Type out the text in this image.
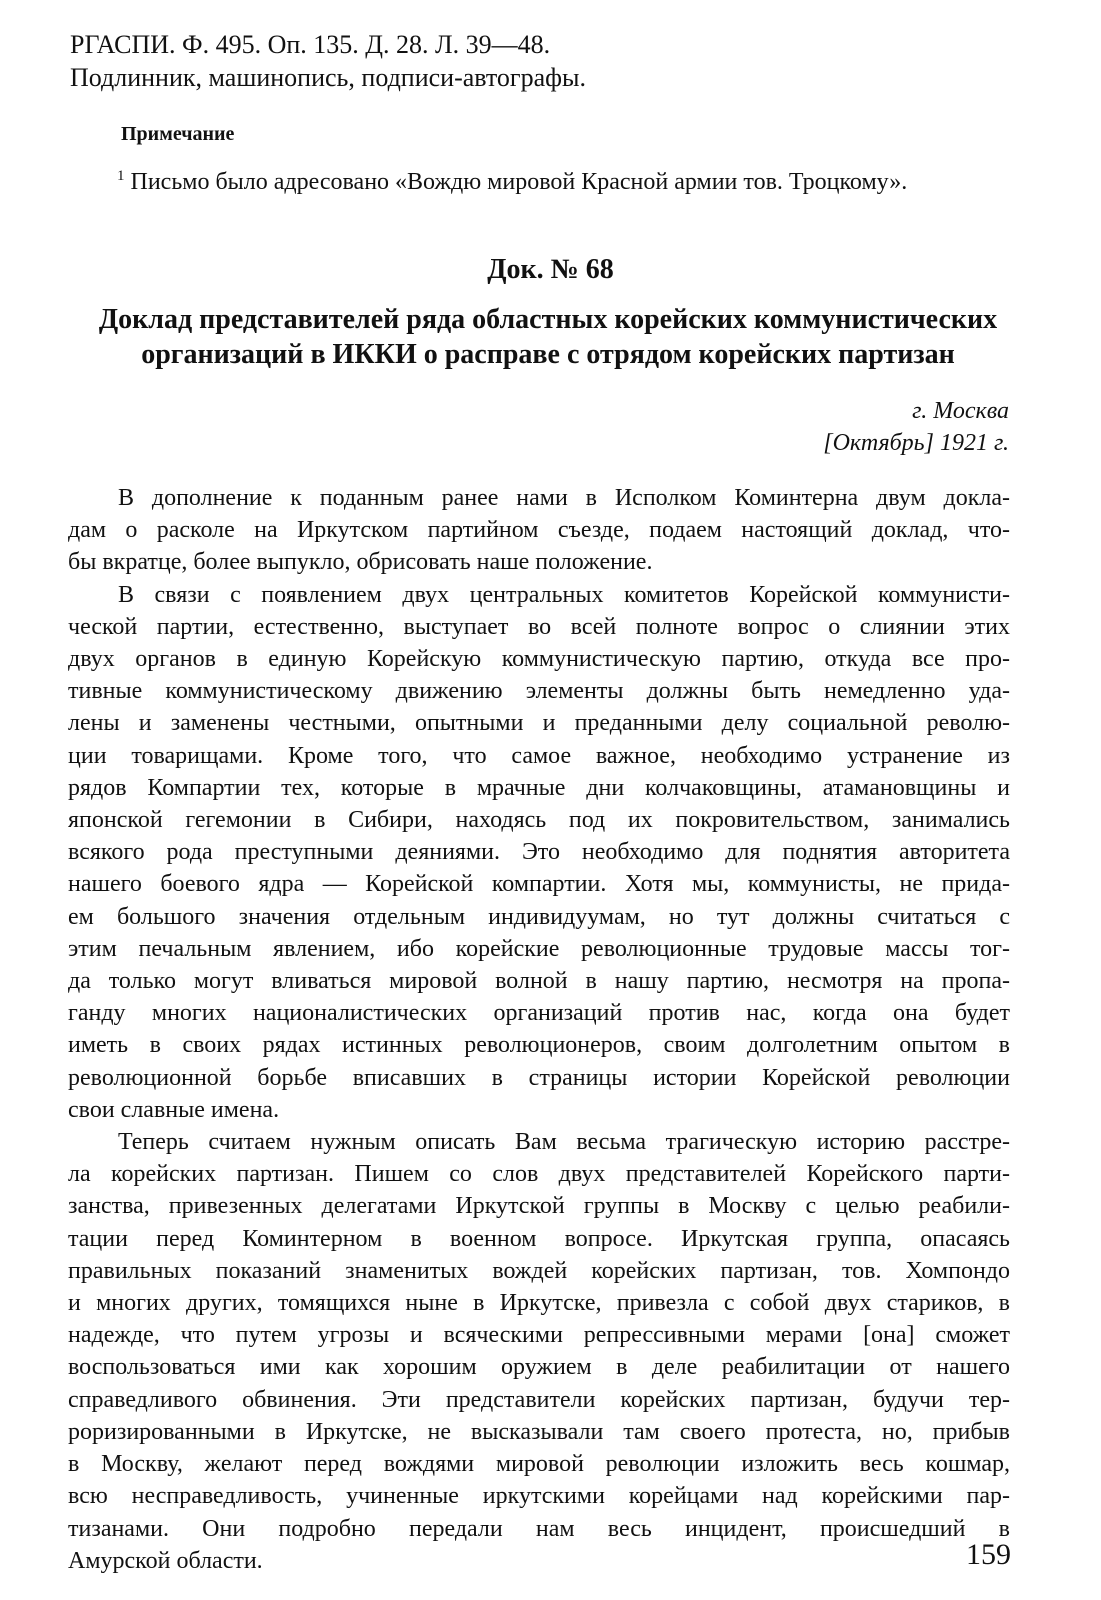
РГАСПИ. Ф. 495. Оп. 135. Д. 28. Л. 39—48.
Подлинник, машинопись, подписи-автографы.
Примечание
$^1$ Письмо было адресовано «Вождю мировой Красной армии тов. Троцкому».
Док. № 68
Доклад представителей ряда областных корейских коммунистических
организаций в ИККИ о расправе с отрядом корейских партизан
г. Москва
[Октябрь] 1921 г.
В дополнение к поданным ранее нами в Исполком Коминтерна двум докла-
дам о расколе на Иркутском партийном съезде, подаем настоящий доклад, что-
бы вкратце, более выпукло, обрисовать наше положение.
В связи с появлением двух центральных комитетов Корейской коммунисти-
ческой партии, естественно, выступает во всей полноте вопрос о слиянии этих
двух органов в единую Корейскую коммунистическую партию, откуда все про-
тивные коммунистическому движению элементы должны быть немедленно уда-
лены и заменены честными, опытными и преданными делу социальной револю-
ции товарищами. Кроме того, что самое важное, необходимо устранение из
рядов Компартии тех, которые в мрачные дни колчаковщины, атамановщины и
японской гегемонии в Сибири, находясь под их покровительством, занимались
всякого рода преступными деяниями. Это необходимо для поднятия авторитета
нашего боевого ядра — Корейской компартии. Хотя мы, коммунисты, не прида-
ем большого значения отдельным индивидуумам, но тут должны считаться с
этим печальным явлением, ибо корейские революционные трудовые массы тог-
да только могут вливаться мировой волной в нашу партию, несмотря на пропа-
ганду многих националистических организаций против нас, когда она будет
иметь в своих рядах истинных революционеров, своим долголетним опытом в
революционной борьбе вписавших в страницы истории Корейской революции
свои славные имена.
Теперь считаем нужным описать Вам весьма трагическую историю расстре-
ла корейских партизан. Пишем со слов двух представителей Корейского парти-
занства, привезенных делегатами Иркутской группы в Москву с целью реабили-
тации перед Коминтерном в военном вопросе. Иркутская группа, опасаясь
правильных показаний знаменитых вождей корейских партизан, тов. Хомпондо
и многих других, томящихся ныне в Иркутске, привезла с собой двух стариков, в
надежде, что путем угрозы и всяческими репрессивными мерами [она] сможет
воспользоваться ими как хорошим оружием в деле реабилитации от нашего
справедливого обвинения. Эти представители корейских партизан, будучи тер-
роризированными в Иркутске, не высказывали там своего протеста, но, прибыв
в Москву, желают перед вождями мировой революции изложить весь кошмар,
всю несправедливость, учиненные иркутскими корейцами над корейскими пар-
тизанами. Они подробно передали нам весь инцидент, происшедший в
Амурской области.	159
